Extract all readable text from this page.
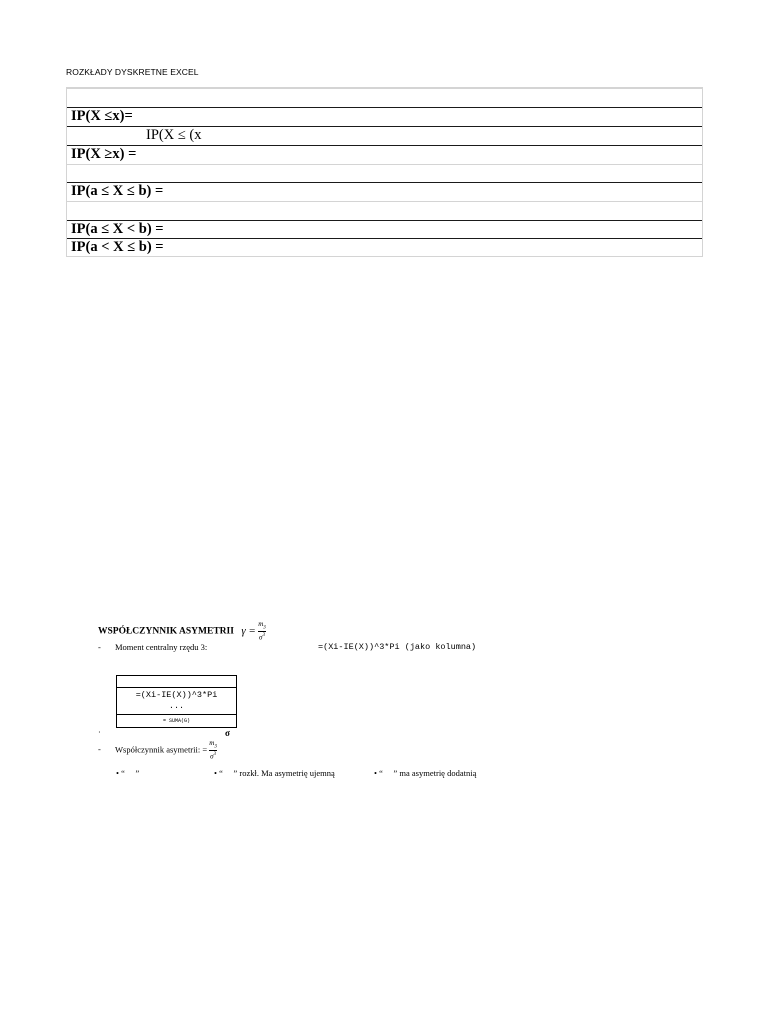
ROZKŁADY DYSKRETNE EXCEL
IP(X ≤x)=
IP(X ≤ (x
IP(X ≥x) =
IP(a ≤ X ≤ b) =
IP(a ≤ X < b) =
IP(a < X ≤ b) =
WSPÓŁCZYNNIK ASYMETRII $\gamma = \frac{m_3}{\sigma^3}$
- Moment centralny rzędu 3:	=(Xi-IE(X))^3*Pi (jako kolumna)
=(Xi-IE(X))^3*Pi
...
= SUMA(G)
·	σ
- Współczynnik asymetrii: = $\frac{m_3}{\sigma^3}$
• “     ”	• “     ” rozkł. Ma asymetrię ujemną	• “     ” ma asymetrię dodatnią
